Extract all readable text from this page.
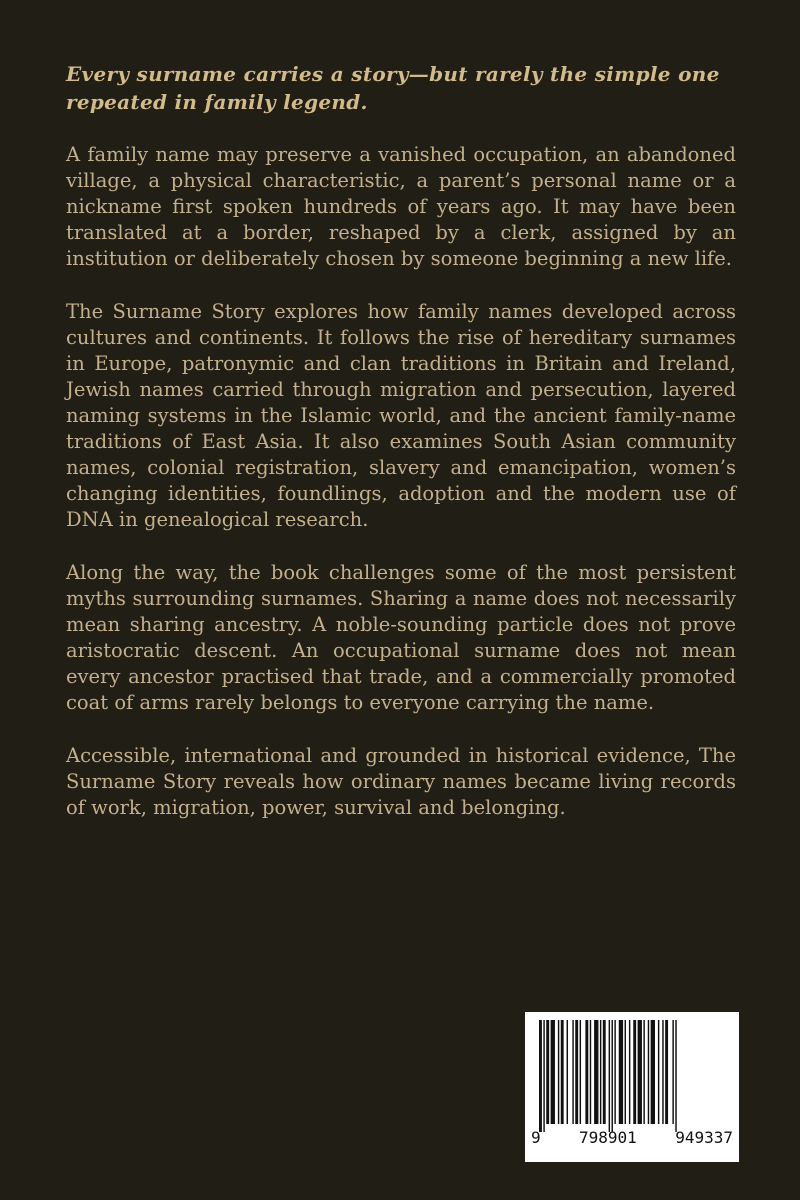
Every surname carries a story—but rarely the simple one repeated in family legend.

A family name may preserve a vanished occupation, an abandoned village, a physical characteristic, a parent’s personal name or a nickname first spoken hundreds of years ago. It may have been translated at a border, reshaped by a clerk, assigned by an institution or deliberately chosen by someone beginning a new life.

The Surname Story explores how family names developed across cultures and continents. It follows the rise of hereditary surnames in Europe, patronymic and clan traditions in Britain and Ireland, Jewish names carried through migration and persecution, layered naming systems in the Islamic world, and the ancient family-name traditions of East Asia. It also examines South Asian community names, colonial registration, slavery and emancipation, women’s changing identities, foundlings, adoption and the modern use of DNA in genealogical research.

Along the way, the book challenges some of the most persistent myths surrounding surnames. Sharing a name does not necessarily mean sharing ancestry. A noble-sounding particle does not prove aristocratic descent. An occupational surname does not mean every ancestor practised that trade, and a commercially promoted coat of arms rarely belongs to everyone carrying the name.

Accessible, international and grounded in historical evidence, The Surname Story reveals how ordinary names became living records of work, migration, power, survival and belonging.

9 798901 949337
